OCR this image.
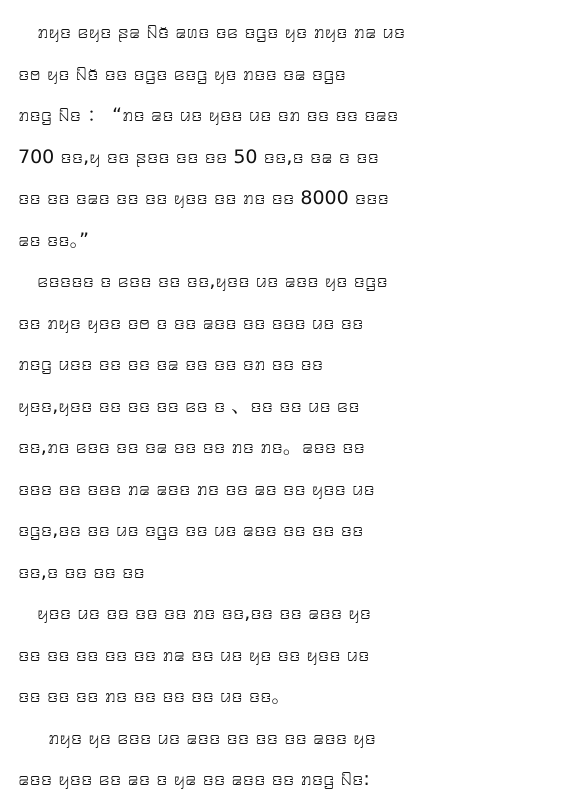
ꤊꤟꤢ ꤕꤟꤢ ꤔꤘ ꤡꤢꤩ ꤘꤛꤢ ꤢꤕ ꤢꤞꤢ ꤟꤢ ꤊꤟꤢ ꤊꤘ ꤣꤢ
ꤢꤥ ꤟꤢ ꤡꤢꤩ ꤢꤢ ꤢꤞꤢ ꤕꤢꤞ ꤟꤢ ꤊꤢꤢ ꤢꤘ ꤢꤞꤢ
ꤊꤢꤞ ꤡꤢ ： “ꤊꤢ ꤘꤢ ꤣꤢ ꤟꤢꤢ ꤣꤢ ꤢꤊ ꤢꤢ ꤢꤢ ꤢꤘꤢ
700 ꤢꤢ,ꤟ ꤢꤢ ꤔꤢꤢ ꤢꤢ ꤢꤢ 50 ꤢꤢ,ꤢ ꤢꤘ ꤢ ꤢꤢ
ꤢꤢ ꤢꤢ ꤢꤘꤢ ꤢꤢ ꤢꤢ ꤟꤢꤢ ꤢꤢ ꤊꤢ ꤢꤢ 8000 ꤢꤢꤢ
ꤘꤢ ꤢꤢ。”
ꤕꤢꤢꤢꤢ ꤢ ꤕꤢꤢ ꤢꤢ ꤢꤢ,ꤟꤢꤢ ꤣꤢ ꤘꤢꤢ ꤟꤢ ꤢꤞꤢ
ꤢꤢ ꤊꤟꤢ ꤟꤢꤢ ꤢꤥ ꤢ ꤢꤢ ꤘꤢꤢ ꤢꤢ ꤢꤢꤢ ꤣꤢ ꤢꤢ
ꤊꤢꤞ ꤣꤢꤢ ꤢꤢ ꤢꤢ ꤢꤘ ꤢꤢ ꤢꤢ ꤢꤊ ꤢꤢ ꤢꤢ
ꤟꤢꤢ,ꤟꤢꤢ ꤢꤢ ꤢꤢ ꤢꤢ ꤕꤢ ꤢ 、ꤢꤢ ꤢꤢ ꤣꤢ ꤕꤢ
ꤢꤢ,ꤊꤢ ꤕꤢꤢ ꤢꤢ ꤢꤘ ꤢꤢ ꤢꤢ ꤊꤢ ꤊꤢ。ꤘꤢꤢ ꤢꤢ
ꤢꤢꤢ ꤢꤢ ꤢꤢꤢ ꤊꤘ ꤘꤢꤢ ꤊꤢ ꤢꤢ ꤘꤢ ꤢꤢ ꤟꤢꤢ ꤣꤢ
ꤢꤞꤢ,ꤢꤢ ꤢꤢ ꤣꤢ ꤢꤞꤢ ꤢꤢ ꤣꤢ ꤘꤢꤢ ꤢꤢ ꤢꤢ ꤢꤢ
ꤢꤢ,ꤢ ꤢꤢ ꤢꤢ ꤢꤢ
ꤟꤢꤢ ꤣꤢ ꤢꤢ ꤢꤢ ꤢꤢ ꤊꤢ ꤢꤢ,ꤢꤢ ꤢꤢ ꤘꤢꤢ ꤟꤢ
ꤢꤢ ꤢꤢ ꤢꤢ ꤢꤢ ꤢꤢ ꤊꤘ ꤢꤢ ꤣꤢ ꤟꤢ ꤢꤢ ꤟꤢꤢ ꤣꤢ
ꤢꤢ ꤢꤢ ꤢꤢ ꤊꤢ ꤢꤢ ꤢꤢ ꤢꤢ ꤣꤢ ꤢꤢ。
ꤊꤟꤢ ꤟꤢ ꤕꤢꤢ ꤣꤢ ꤘꤢꤢ ꤢꤢ ꤢꤢ ꤢꤢ ꤘꤢꤢ ꤟꤢ
ꤘꤢꤢ ꤟꤢꤢ ꤕꤢ ꤘꤢ ꤢ ꤟꤘ ꤢꤢ ꤘꤢꤢ ꤢꤢ ꤊꤢꤞ ꤡꤢ:
